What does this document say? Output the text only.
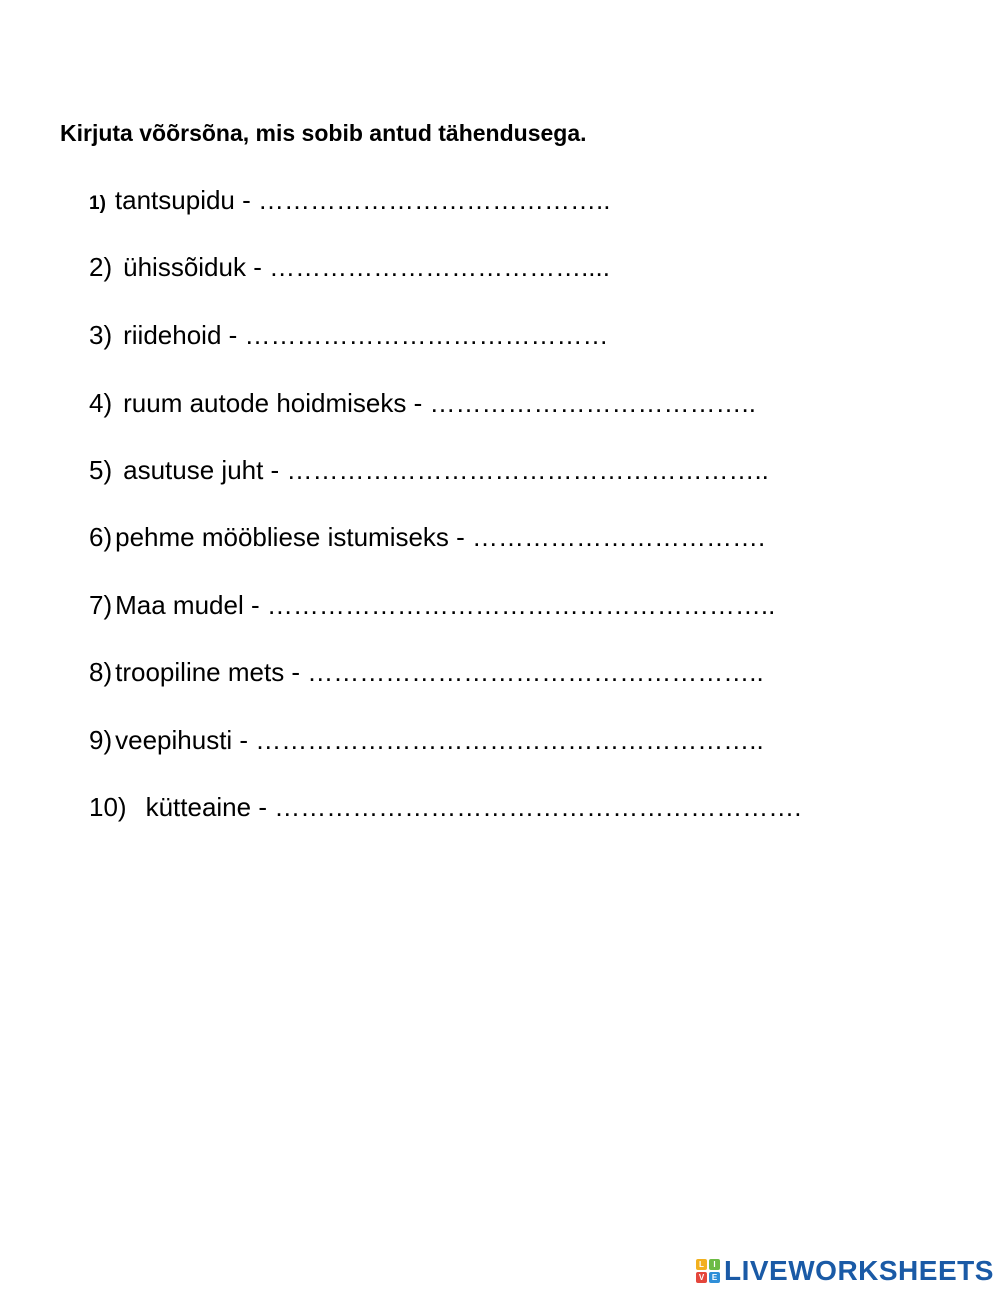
Kirjuta võõrsõna, mis sobib antud tähendusega.
1) tantsupidu - …………………………………..
2) ühissõiduk - ………………………………....
3) riidehoid - ……………………………………
4) ruum autode hoidmiseks - ………………………………..
5) asutuse juht - ………………………………………………..
6) pehme mööbliese istumiseks - …………………………….
7) Maa mudel - …………………………………………………..
8) troopiline mets - ……………………………………………..
9) veepihusti - …………………………………………………..
10) kütteaine - …………………………………………………….
L	I
V E LIVEWORKSHEETS
